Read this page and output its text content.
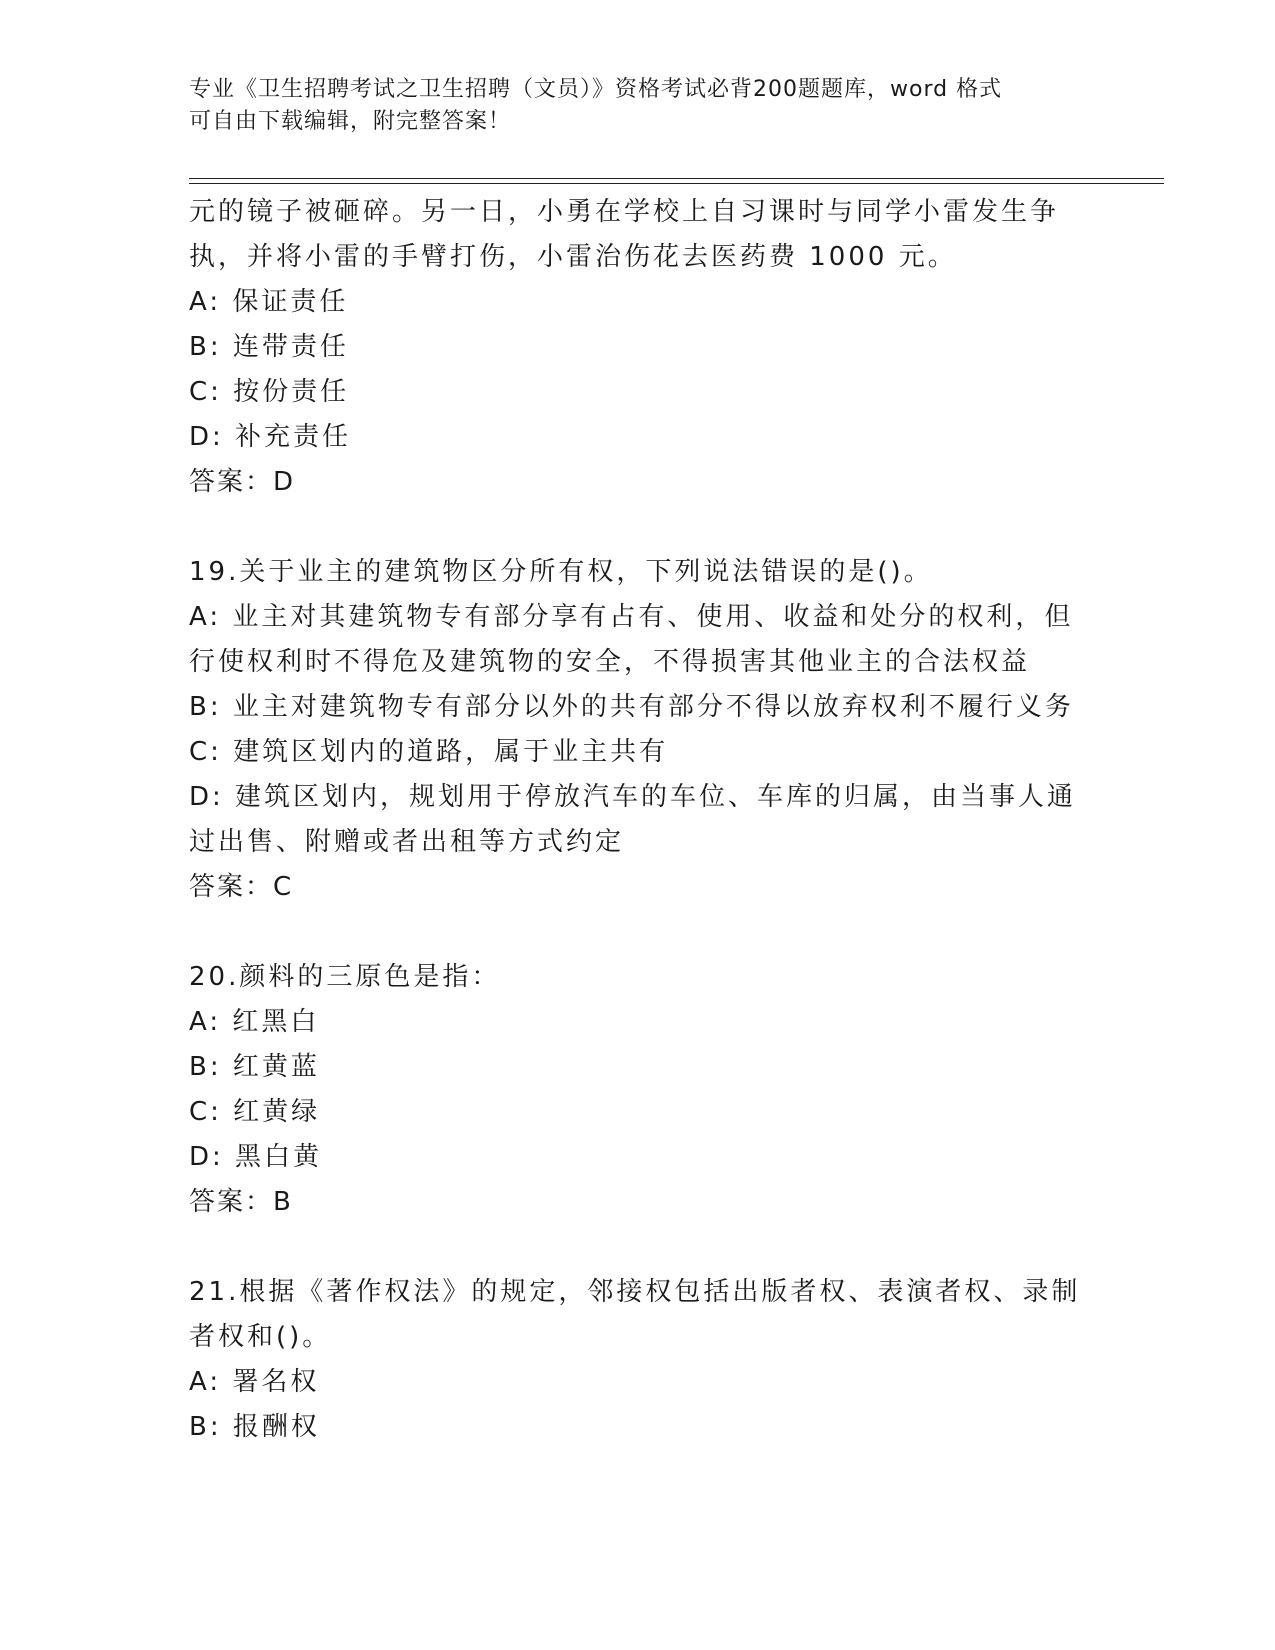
专业《卫生招聘考试之卫生招聘（文员）》资格考试必背200题题库，word 格式
可自由下载编辑，附完整答案！
元的镜子被砸碎。另一日，小勇在学校上自习课时与同学小雷发生争
执，并将小雷的手臂打伤，小雷治伤花去医药费 1000 元。
A: 保证责任
B: 连带责任
C: 按份责任
D: 补充责任
答案：D
19.关于业主的建筑物区分所有权，下列说法错误的是()。
A: 业主对其建筑物专有部分享有占有、使用、收益和处分的权利，但
行使权利时不得危及建筑物的安全，不得损害其他业主的合法权益
B: 业主对建筑物专有部分以外的共有部分不得以放弃权利不履行义务
C: 建筑区划内的道路，属于业主共有
D: 建筑区划内，规划用于停放汽车的车位、车库的归属，由当事人通
过出售、附赠或者出租等方式约定
答案：C
20.颜料的三原色是指：
A: 红黑白
B: 红黄蓝
C: 红黄绿
D: 黑白黄
答案：B
21.根据《著作权法》的规定，邻接权包括出版者权、表演者权、录制
者权和()。
A: 署名权
B: 报酬权
